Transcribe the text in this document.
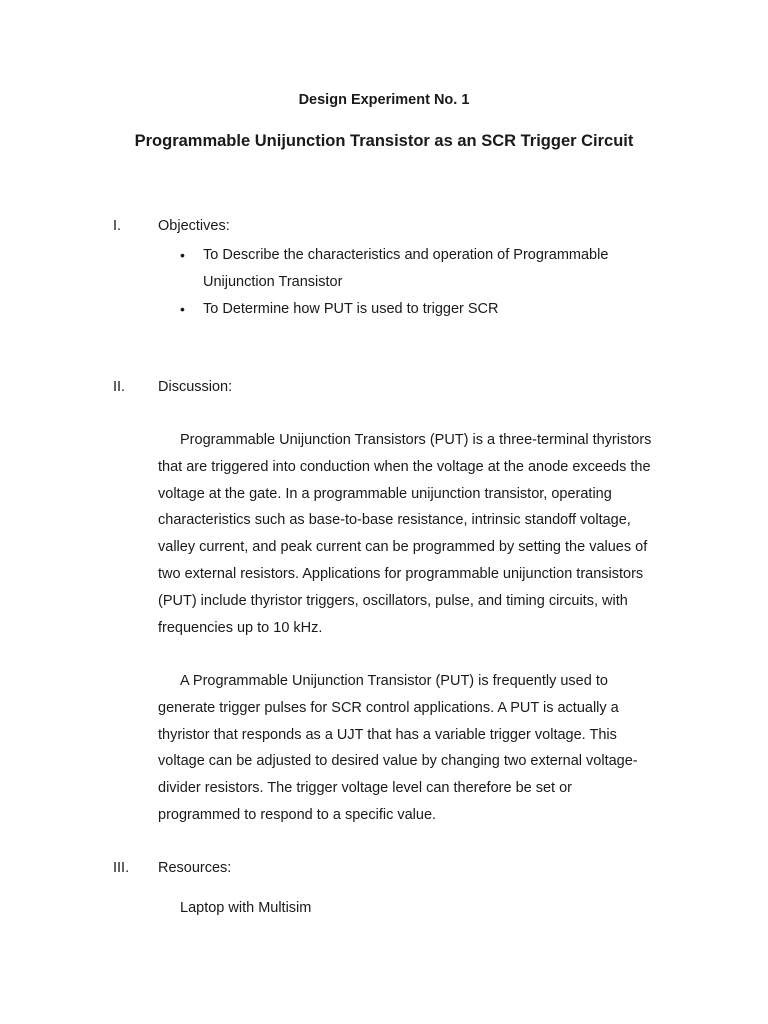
Design Experiment No. 1
Programmable Unijunction Transistor as an SCR Trigger Circuit
I.	Objectives:
• To Describe the characteristics and operation of Programmable
Unijunction Transistor
• To Determine how PUT is used to trigger SCR
II. Discussion:
Programmable Unijunction Transistors (PUT) is a three-terminal thyristors
that are triggered into conduction when the voltage at the anode exceeds the
voltage at the gate. In a programmable unijunction transistor, operating
characteristics such as base-to-base resistance, intrinsic standoff voltage,
valley current, and peak current can be programmed by setting the values of
two external resistors. Applications for programmable unijunction transistors
(PUT) include thyristor triggers, oscillators, pulse, and timing circuits, with
frequencies up to 10 kHz.
A Programmable Unijunction Transistor (PUT) is frequently used to
generate trigger pulses for SCR control applications. A PUT is actually a
thyristor that responds as a UJT that has a variable trigger voltage. This
voltage can be adjusted to desired value by changing two external voltage-
divider resistors. The trigger voltage level can therefore be set or
programmed to respond to a specific value.
III. Resources:
Laptop with Multisim
